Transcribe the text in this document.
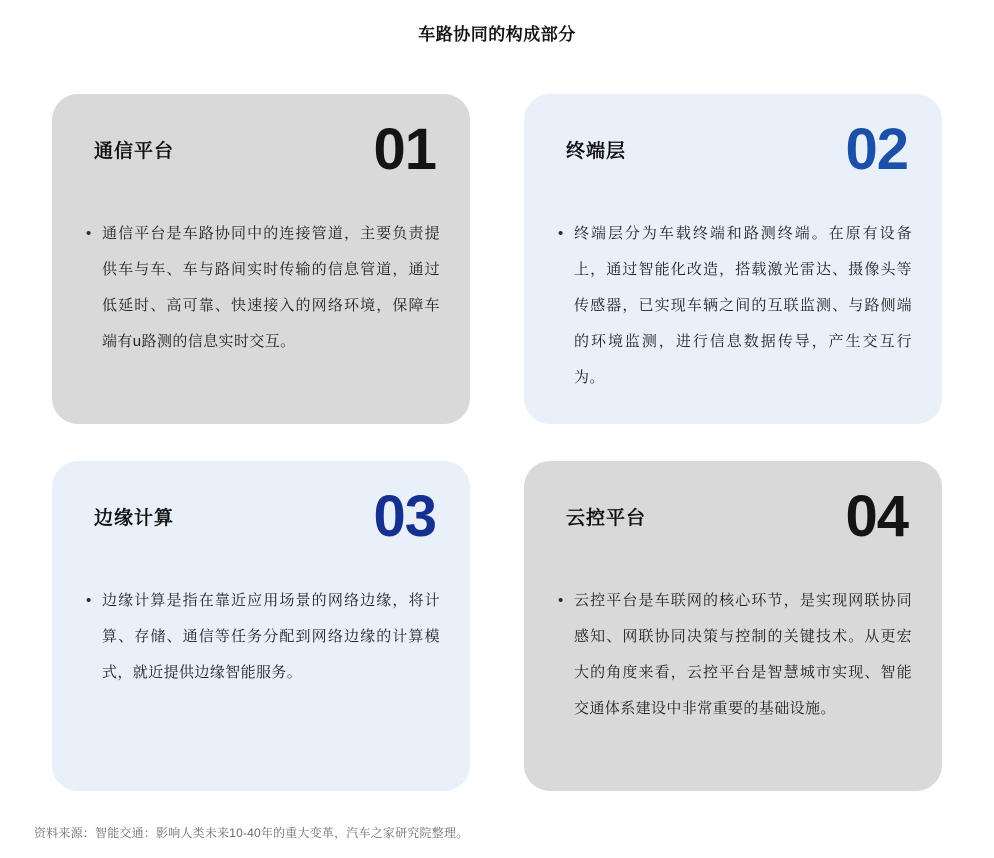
车路协同的构成部分
通信平台	01
• 通信平台是车路协同中的连接管道，主要负责提供车与车、车与路间实时传输的信息管道，通过低延时、高可靠、快速接入的网络环境，保障车端有u路测的信息实时交互。
终端层	02
• 终端层分为车载终端和路测终端。在原有设备上，通过智能化改造，搭载激光雷达、摄像头等传感器，已实现车辆之间的互联监测、与路侧端的环境监测，进行信息数据传导，产生交互行为。
边缘计算	03
• 边缘计算是指在靠近应用场景的网络边缘，将计算、存储、通信等任务分配到网络边缘的计算模式，就近提供边缘智能服务。
云控平台	04
• 云控平台是车联网的核心环节，是实现网联协同感知、网联协同决策与控制的关键技术。从更宏大的角度来看，云控平台是智慧城市实现、智能交通体系建设中非常重要的基础设施。
资料来源：智能交通：影响人类未来10-40年的重大变革，汽车之家研究院整理。
